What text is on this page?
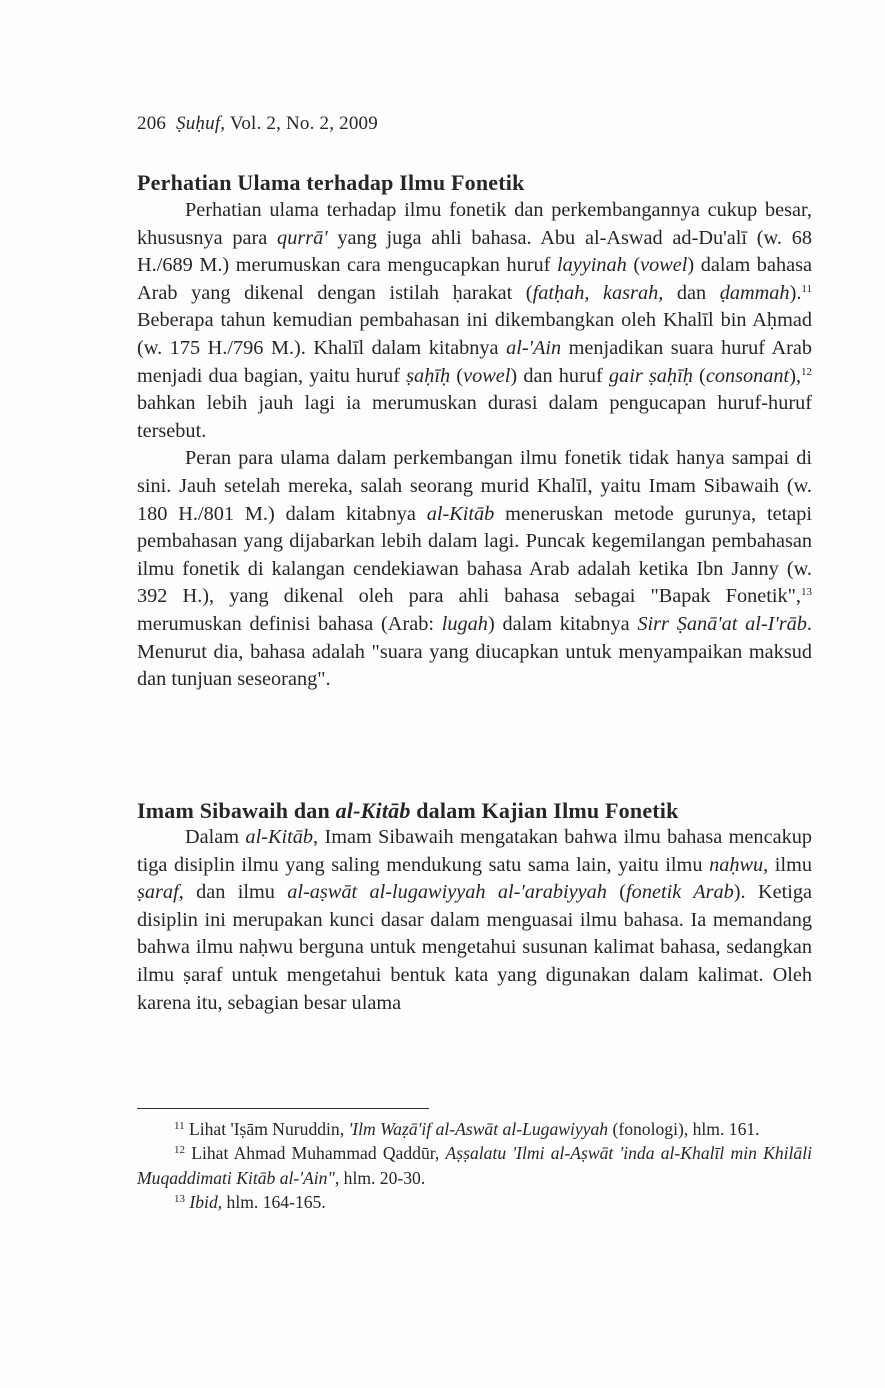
206 Ṣuḥuf, Vol. 2, No. 2, 2009
Perhatian Ulama terhadap Ilmu Fonetik

Perhatian ulama terhadap ilmu fonetik dan perkembangannya cukup besar, khususnya para qurrā' yang juga ahli bahasa. Abu al-Aswad ad-Du'alī (w. 68 H./689 M.) merumuskan cara mengucapkan huruf layyinah (vowel) dalam bahasa Arab yang dikenal dengan istilah ḥarakat (fatḥah, kasrah, dan ḍammah).$^{11}$ Beberapa tahun kemudian pembahasan ini dikembangkan oleh Khalīl bin Aḥmad (w. 175 H./796 M.). Khalīl dalam kitabnya al-'Ain menjadikan suara huruf Arab menjadi dua bagian, yaitu huruf ṣaḥīḥ (vowel) dan huruf gair ṣaḥīḥ (consonant),$^{12}$ bahkan lebih jauh lagi ia merumuskan durasi dalam pengucapan huruf-huruf tersebut.

Peran para ulama dalam perkembangan ilmu fonetik tidak hanya sampai di sini. Jauh setelah mereka, salah seorang murid Khalīl, yaitu Imam Sibawaih (w. 180 H./801 M.) dalam kitabnya al-Kitāb meneruskan metode gurunya, tetapi pembahasan yang dijabarkan lebih dalam lagi. Puncak kegemilangan pembahasan ilmu fonetik di kalangan cendekiawan bahasa Arab adalah ketika Ibn Janny (w. 392 H.), yang dikenal oleh para ahli bahasa sebagai "Bapak Fonetik",$^{13}$ merumuskan definisi bahasa (Arab: lugah) dalam kitabnya Sirr Ṣanā'at al-I'rāb. Menurut dia, bahasa adalah "suara yang diucapkan untuk menyampaikan maksud dan tunjuan seseorang".

Imam Sibawaih dan al-Kitāb dalam Kajian Ilmu Fonetik

Dalam al-Kitāb, Imam Sibawaih mengatakan bahwa ilmu bahasa mencakup tiga disiplin ilmu yang saling mendukung satu sama lain, yaitu ilmu naḥwu, ilmu ṣaraf, dan ilmu al-aṣwāt al-lugawiyyah al-'arabiyyah (fonetik Arab). Ketiga disiplin ini merupakan kunci dasar dalam menguasai ilmu bahasa. Ia memandang bahwa ilmu naḥwu berguna untuk mengetahui susunan kalimat bahasa, sedangkan ilmu ṣaraf untuk mengetahui bentuk kata yang digunakan dalam kalimat. Oleh karena itu, sebagian besar ulama

$^{11}$ Lihat 'Iṣām Nuruddin, 'Ilm Waẓā'if al-Aswāt al-Lugawiyyah (fonologi), hlm. 161.

$^{12}$ Lihat Ahmad Muhammad Qaddūr, Aṣṣalatu 'Ilmi al-Aṣwāt 'inda al-Khalīl min Khilāli Muqaddimati Kitāb al-'Ain", hlm. 20-30.

$^{13}$ Ibid, hlm. 164-165.
